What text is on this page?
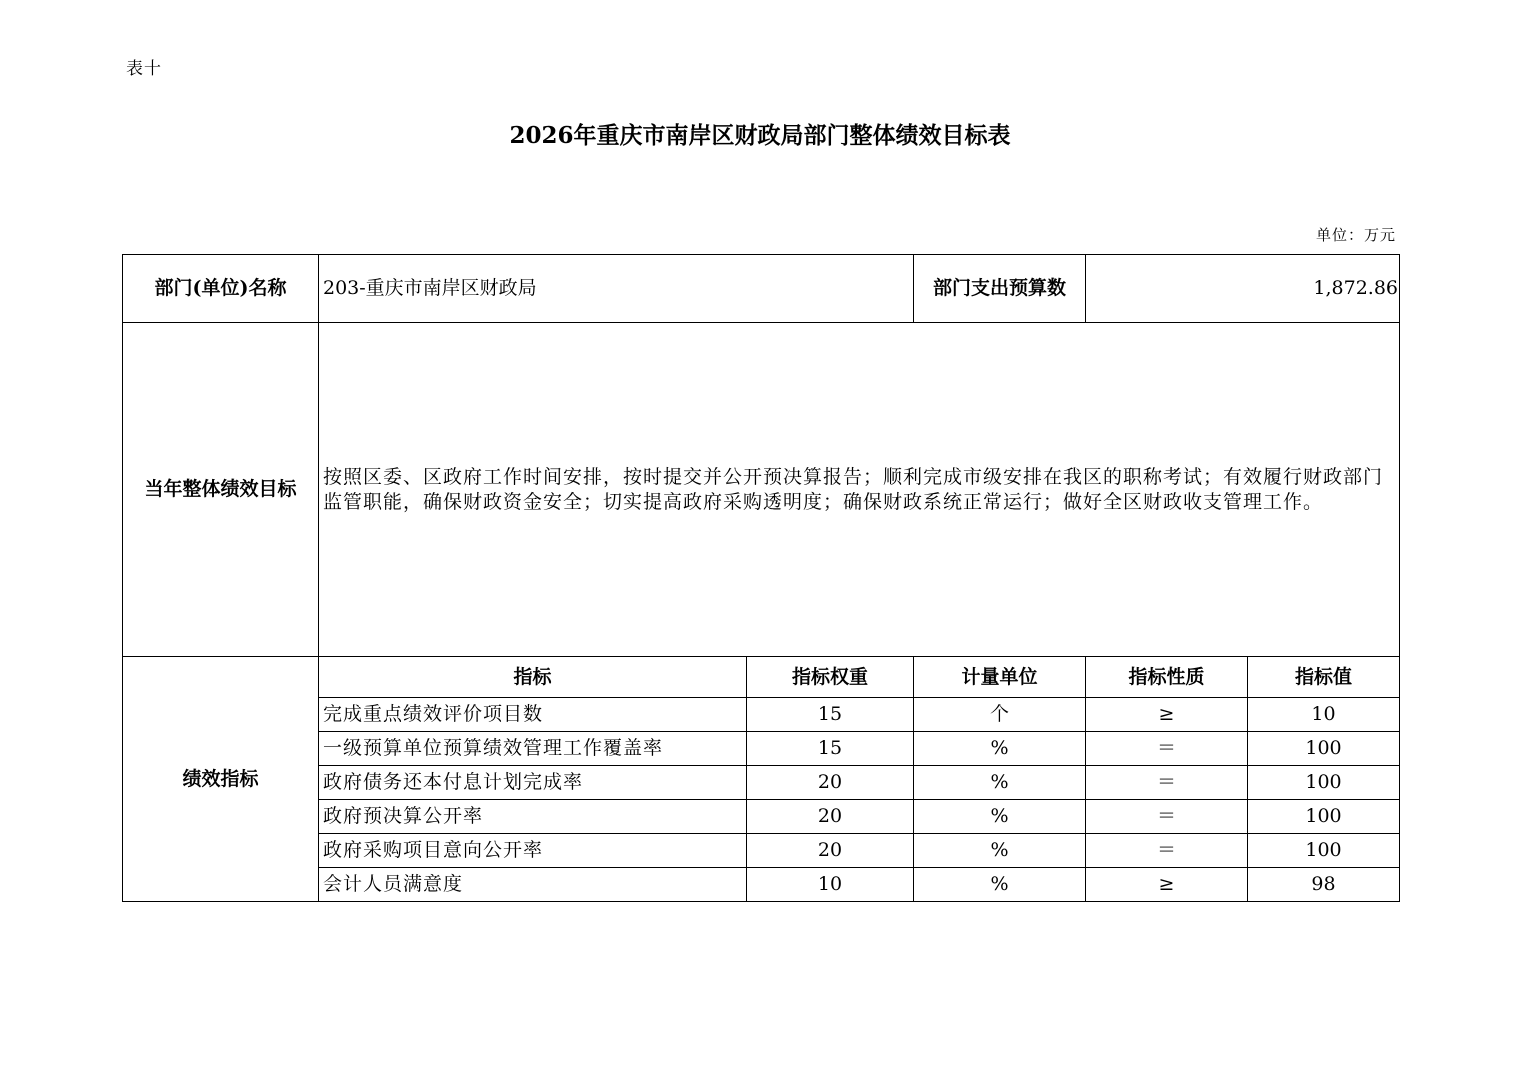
表十
2026年重庆市南岸区财政局部门整体绩效目标表
单位：万元
部门(单位)名称	203-重庆市南岸区财政局		部门支出预算数	1,872.86	
当年整体绩效目标	按照区委、区政府工作时间安排，按时提交并公开预决算报告；顺利完成市级安排在我区的职称考试；有效履行财政部门监管职能，确保财政资金安全；切实提高政府采购透明度；确保财政系统正常运行；做好全区财政收支管理工作。				
绩效指标	指标	指标权重	计量单位	指标性质	指标值
	完成重点绩效评价项目数	15	个	≥	10
	一级预算单位预算绩效管理工作覆盖率	15	%	＝	100
	政府债务还本付息计划完成率	20	%	＝	100
	政府预决算公开率	20	%	＝	100
	政府采购项目意向公开率	20	%	＝	100
	会计人员满意度	10	%	≥	98
